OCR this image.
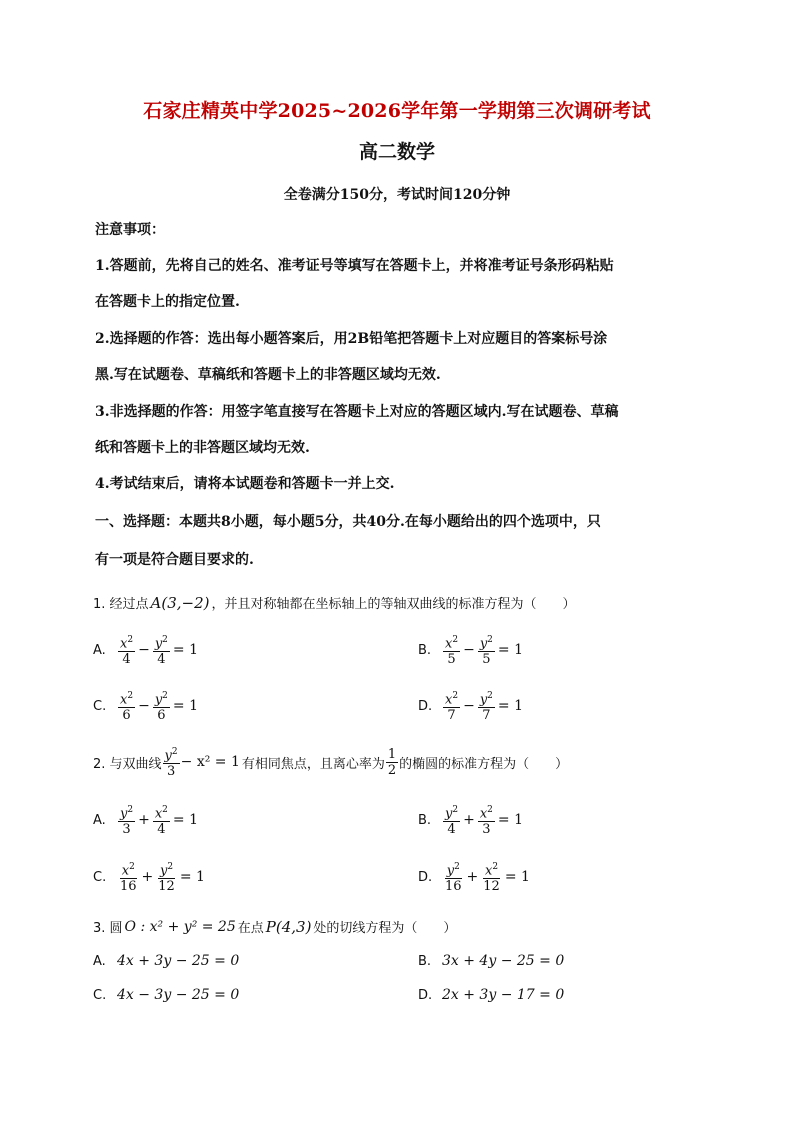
石家庄精英中学2025~2026学年第一学期第三次调研考试
高二数学
全卷满分150分，考试时间120分钟
注意事项：
1.答题前，先将自己的姓名、准考证号等填写在答题卡上，并将准考证号条形码粘贴
在答题卡上的指定位置.
2.选择题的作答：选出每小题答案后，用2B铅笔把答题卡上对应题目的答案标号涂
黑.写在试题卷、草稿纸和答题卡上的非答题区域均无效.
3.非选择题的作答：用签字笔直接写在答题卡上对应的答题区域内.写在试题卷、草稿
纸和答题卡上的非答题区域均无效.
4.考试结束后，请将本试题卷和答题卡一并上交.
一、选择题：本题共8小题，每小题5分，共40分.在每小题给出的四个选项中，只
有一项是符合题目要求的.
1. 经过点 A(3,−2) ，并且对称轴都在坐标轴上的等轴双曲线的标准方程为（　　）
A. $\frac{x^2}{4} - \frac{y^2}{4} = 1$	B. $\frac{x^2}{5} - \frac{y^2}{5} = 1$
C. $\frac{x^2}{6} - \frac{y^2}{6} = 1$	D. $\frac{x^2}{7} - \frac{y^2}{7} = 1$
2. 与双曲线 $\frac{y^2}{3} - x^2 = 1$ 有相同焦点，且离心率为 $\frac{1}{2}$ 的椭圆的标准方程为（　　）
A. $\frac{y^2}{3} + \frac{x^2}{4} = 1$	B. $\frac{y^2}{4} + \frac{x^2}{3} = 1$
C. $\frac{x^2}{16} + \frac{y^2}{12} = 1$	D. $\frac{y^2}{16} + \frac{x^2}{12} = 1$
3. 圆 O : x² + y² = 25 在点 P(4,3) 处的切线方程为（　　）
A. 4x + 3y − 25 = 0	B. 3x + 4y − 25 = 0
C. 4x − 3y − 25 = 0	D. 2x + 3y − 17 = 0
